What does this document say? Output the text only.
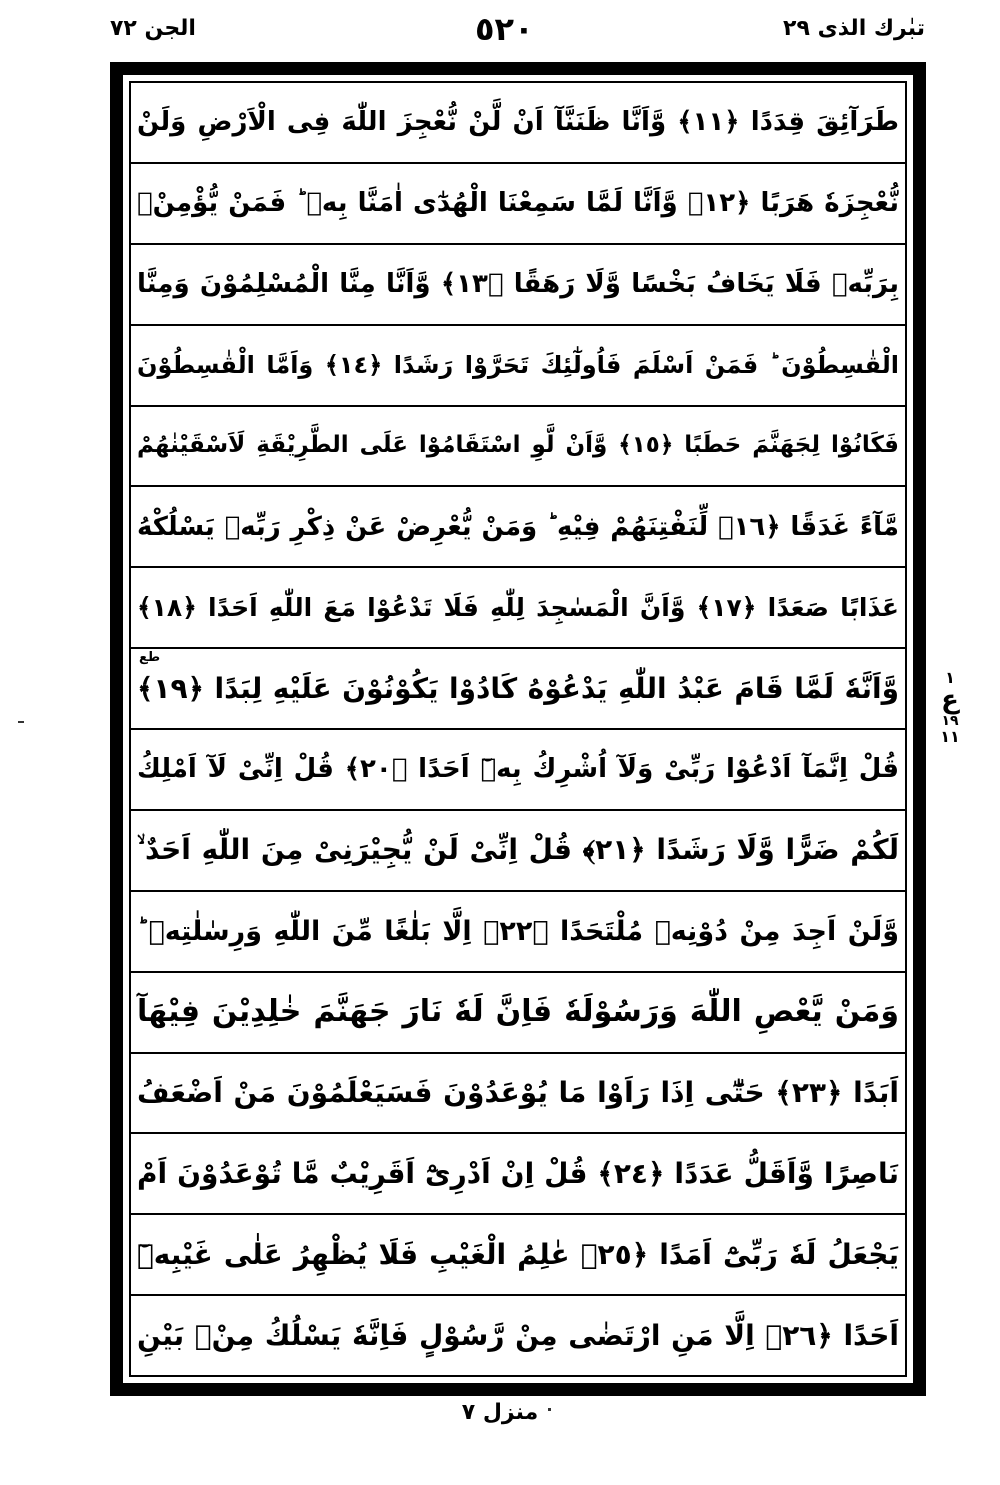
الجن ٧٢	٥٢٠	تبٰرك الذی ٢٩
طَرَآئِقَ قِدَدًا ﴿١١﴾ وَّاَنَّا ظَنَنَّآ اَنْ لَّنْ نُّعْجِزَ اللّٰهَ فِی الْاَرْضِ وَلَنْ
نُّعْجِزَهٗ هَرَبًا ﴿١٢﴾ وَّاَنَّا لَمَّا سَمِعْنَا الْهُدٰٓی اٰمَنَّا بِهٖ ؕ فَمَنْ یُّؤْمِنْۢ
بِرَبِّهٖ فَلَا یَخَافُ بَخْسًا وَّلَا رَهَقًا ﴿١٣﴾ وَّاَنَّا مِنَّا الْمُسْلِمُوْنَ وَمِنَّا
الْقٰسِطُوْنَ ؕ فَمَنْ اَسْلَمَ فَاُولٰٓئِكَ تَحَرَّوْا رَشَدًا ﴿١٤﴾ وَاَمَّا الْقٰسِطُوْنَ
فَكَانُوْا لِجَهَنَّمَ حَطَبًا ﴿١٥﴾ وَّاَنْ لَّوِ اسْتَقَامُوْا عَلَی الطَّرِیْقَةِ لَاَسْقَیْنٰهُمْ
مَّآءً غَدَقًا ﴿١٦﴾ لِّنَفْتِنَهُمْ فِیْهِ ؕ وَمَنْ یُّعْرِضْ عَنْ ذِكْرِ رَبِّهٖ یَسْلُكْهُ
عَذَابًا صَعَدًا ﴿١٧﴾ وَّاَنَّ الْمَسٰجِدَ لِلّٰهِ فَلَا تَدْعُوْا مَعَ اللّٰهِ اَحَدًا ﴿١٨﴾
وَّاَنَّهٗ لَمَّا قَامَ عَبْدُ اللّٰهِ یَدْعُوْهُ كَادُوْا یَكُوْنُوْنَ عَلَیْهِ لِبَدًا ﴿١٩﴾
طع
قُلْ اِنَّمَآ اَدْعُوْا رَبِّیْ وَلَآ اُشْرِكُ بِهٖٓ اَحَدًا ﴿٢٠﴾ قُلْ اِنِّیْ لَآ اَمْلِكُ
لَكُمْ ضَرًّا وَّلَا رَشَدًا ﴿٢١﴾ قُلْ اِنِّیْ لَنْ یُّجِیْرَنِیْ مِنَ اللّٰهِ اَحَدٌ ۙ
وَّلَنْ اَجِدَ مِنْ دُوْنِهٖ مُلْتَحَدًا ﴿٢٢﴾ اِلَّا بَلٰغًا مِّنَ اللّٰهِ وَرِسٰلٰتِهٖ ؕ
وَمَنْ یَّعْصِ اللّٰهَ وَرَسُوْلَهٗ فَاِنَّ لَهٗ نَارَ جَهَنَّمَ خٰلِدِیْنَ فِیْهَآ
اَبَدًا ﴿٢٣﴾ حَتّٰٓی اِذَا رَاَوْا مَا یُوْعَدُوْنَ فَسَیَعْلَمُوْنَ مَنْ اَضْعَفُ
نَاصِرًا وَّاَقَلُّ عَدَدًا ﴿٢٤﴾ قُلْ اِنْ اَدْرِیْٓ اَقَرِیْبٌ مَّا تُوْعَدُوْنَ اَمْ
یَجْعَلُ لَهٗ رَبِّیْٓ اَمَدًا ﴿٢٥﴾ عٰلِمُ الْغَیْبِ فَلَا یُظْهِرُ عَلٰی غَیْبِهٖٓ
اَحَدًا ﴿٢٦﴾ اِلَّا مَنِ ارْتَضٰی مِنْ رَّسُوْلٍ فَاِنَّهٗ یَسْلُكُ مِنْۢ بَیْنِ
١
ع
١٩
١١
منزل ٧
